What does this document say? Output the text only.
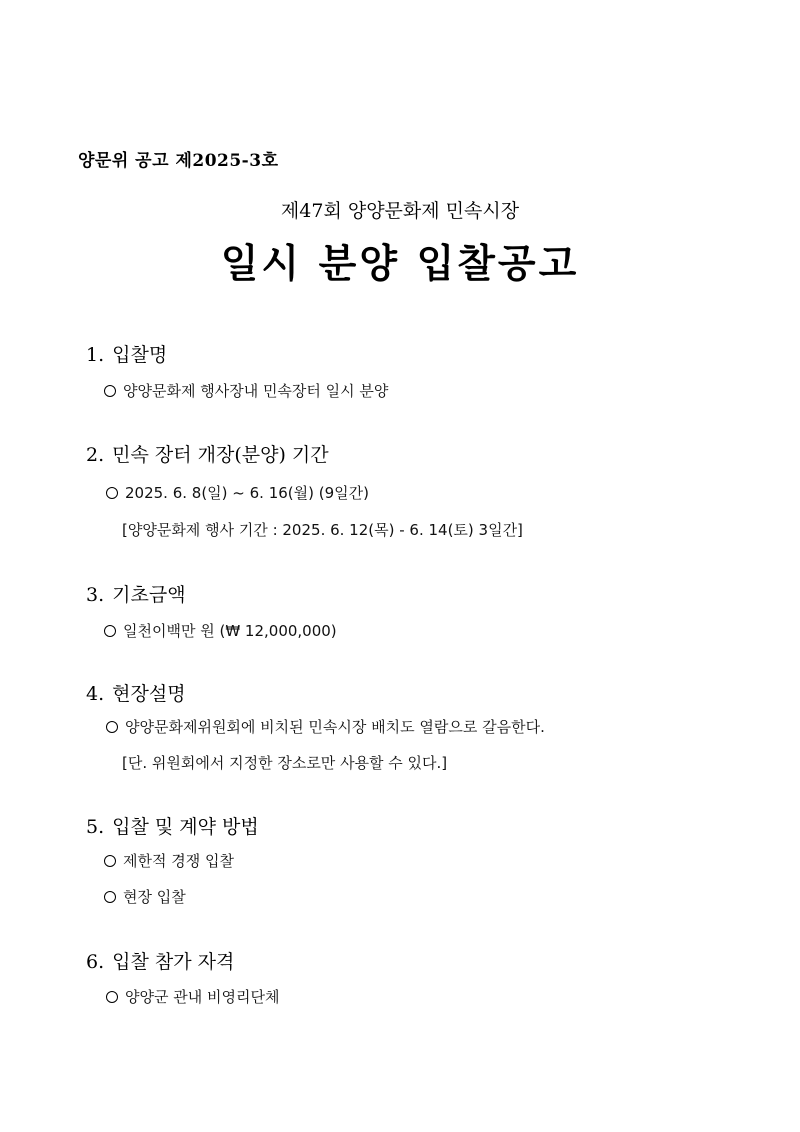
양문위 공고 제2025-3호
제47회 양양문화제 민속시장
일시 분양 입찰공고
1. 입찰명
양양문화제 행사장내 민속장터 일시 분양
2. 민속 장터 개장(분양) 기간
2025. 6. 8(일) ~ 6. 16(월) (9일간)
[양양문화제 행사 기간 : 2025. 6. 12(목) - 6. 14(토) 3일간]
3. 기초금액
일천이백만 원 (₩ 12,000,000)
4. 현장설명
양양문화제위원회에 비치된 민속시장 배치도 열람으로 갈음한다.
[단. 위원회에서 지정한 장소로만 사용할 수 있다.]
5. 입찰 및 계약 방법
제한적 경쟁 입찰
현장 입찰
6. 입찰 참가 자격
양양군 관내 비영리단체
